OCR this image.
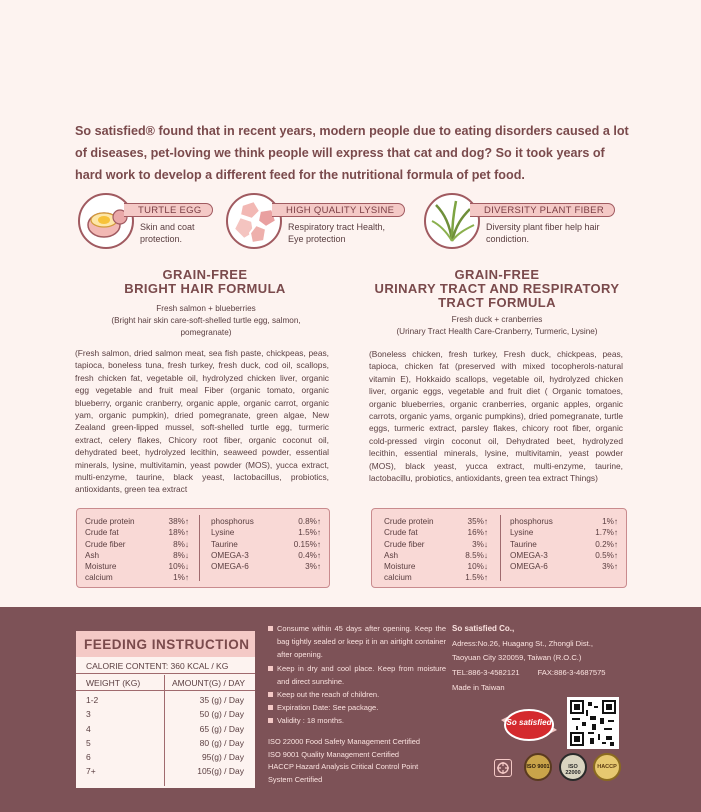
So satisfied® found that in recent years, modern people due to eating disorders caused a lot of diseases, pet-loving we think people will express that cat and dog? So it took years of hard work to develop a different feed for the nutritional formula of pet food.
TURTLE EGG
Skin and coat
protection.
HIGH QUALITY LYSINE
Respiratory tract Health,
Eye protection
DIVERSITY PLANT FIBER
Diversity plant fiber help hair
condiction.
GRAIN-FREE
BRIGHT HAIR FORMULA
Fresh salmon + blueberries
(Bright hair skin care-soft-shelled turtle egg, salmon,
pomegranate)
(Fresh salmon, dried salmon meat, sea fish paste, chickpeas, peas, tapioca, boneless tuna, fresh turkey, fresh duck, cod oil, scallops, fresh chicken fat, vegetable oil, hydrolyzed chicken liver, organic egg vegetable and fruit meal Fiber (organic tomato, organic blueberry, organic cranberry, organic apple, organic carrot, organic yam, organic pumpkin), dried pomegranate, green algae, New Zealand green-lipped mussel, soft-shelled turtle egg, turmeric extract, celery flakes, Chicory root fiber, organic coconut oil, dehydrated beet, hydrolyzed lecithin, seaweed powder, essential minerals, lysine, multivitamin, yeast powder (MOS), yucca extract, multi-enzyme, taurine, black yeast, lactobacillus, probiotics, antioxidants, green tea extract
Crude protein	38%↑
Crude fat	18%↑
Crude fiber	8%↓
Ash	8%↓
Moisture	10%↓
calcium	1%↑
phosphorus	0.8%↑
Lysine	1.5%↑
Taurine	0.15%↑
OMEGA-3	0.4%↑
OMEGA-6	3%↑
GRAIN-FREE
URINARY TRACT AND RESPIRATORY
TRACT FORMULA
Fresh duck + cranberries
(Urinary Tract Health Care-Cranberry, Turmeric, Lysine)
(Boneless chicken, fresh turkey, Fresh duck, chickpeas, peas, tapioca, chicken fat (preserved with mixed tocopherols-natural vitamin E), Hokkaido scallops, vegetable oil, hydrolyzed chicken liver, organic eggs, vegetable and fruit diet ( Organic tomatoes, organic blueberries, organic cranberries, organic apples, organic carrots, organic yams, organic pumpkins), dried pomegranate, turtle eggs, turmeric extract, parsley flakes, chicory root fiber, organic cold-pressed virgin coconut oil, Dehydrated beet, hydrolyzed lecithin, essential minerals, lysine, multivitamin, yeast powder (MOS), black yeast, yucca extract, multi-enzyme, taurine, lactobacillu, probiotics, antioxidants, green tea extract Things)
Crude protein	35%↑
Crude fat	16%↑
Crude fiber	3%↓
Ash	8.5%↓
Moisture	10%↓
calcium	1.5%↑
phosphorus	1%↑
Lysine	1.7%↑
Taurine	0.2%↑
OMEGA-3	0.5%↑
OMEGA-6	3%↑
FEEDING INSTRUCTION
CALORIE CONTENT: 360 KCAL / KG
WEIGHT (KG)	AMOUNT(G) / DAY
1-2	35 (g) / Day
3	50 (g) / Day
4	65 (g) / Day
5	80 (g) / Day
6	95(g) / Day
7+	105(g) / Day
Consume within 45 days after opening. Keep the bag tightly sealed or keep it in an airtight container after opening.
Keep in dry and cool place. Keep from moisture and direct sunshine.
Keep out the reach of children.
Expiration Date: See package.
Validity : 18 months.
ISO 22000 Food Safety Management Certified
ISO 9001 Quality Management Certified
HACCP Hazard Analysis Critical Control Point
System Certified
So satisfied Co.,
Adress:No.26, Huagang St., Zhongli Dist.,
Taoyuan City 320059, Taiwan (R.O.C.)
TEL:886-3-4582121 FAX:886-3-4687575
Made in Taiwan
So satisfied
ISO 9001	ISO 22000
HACCP
